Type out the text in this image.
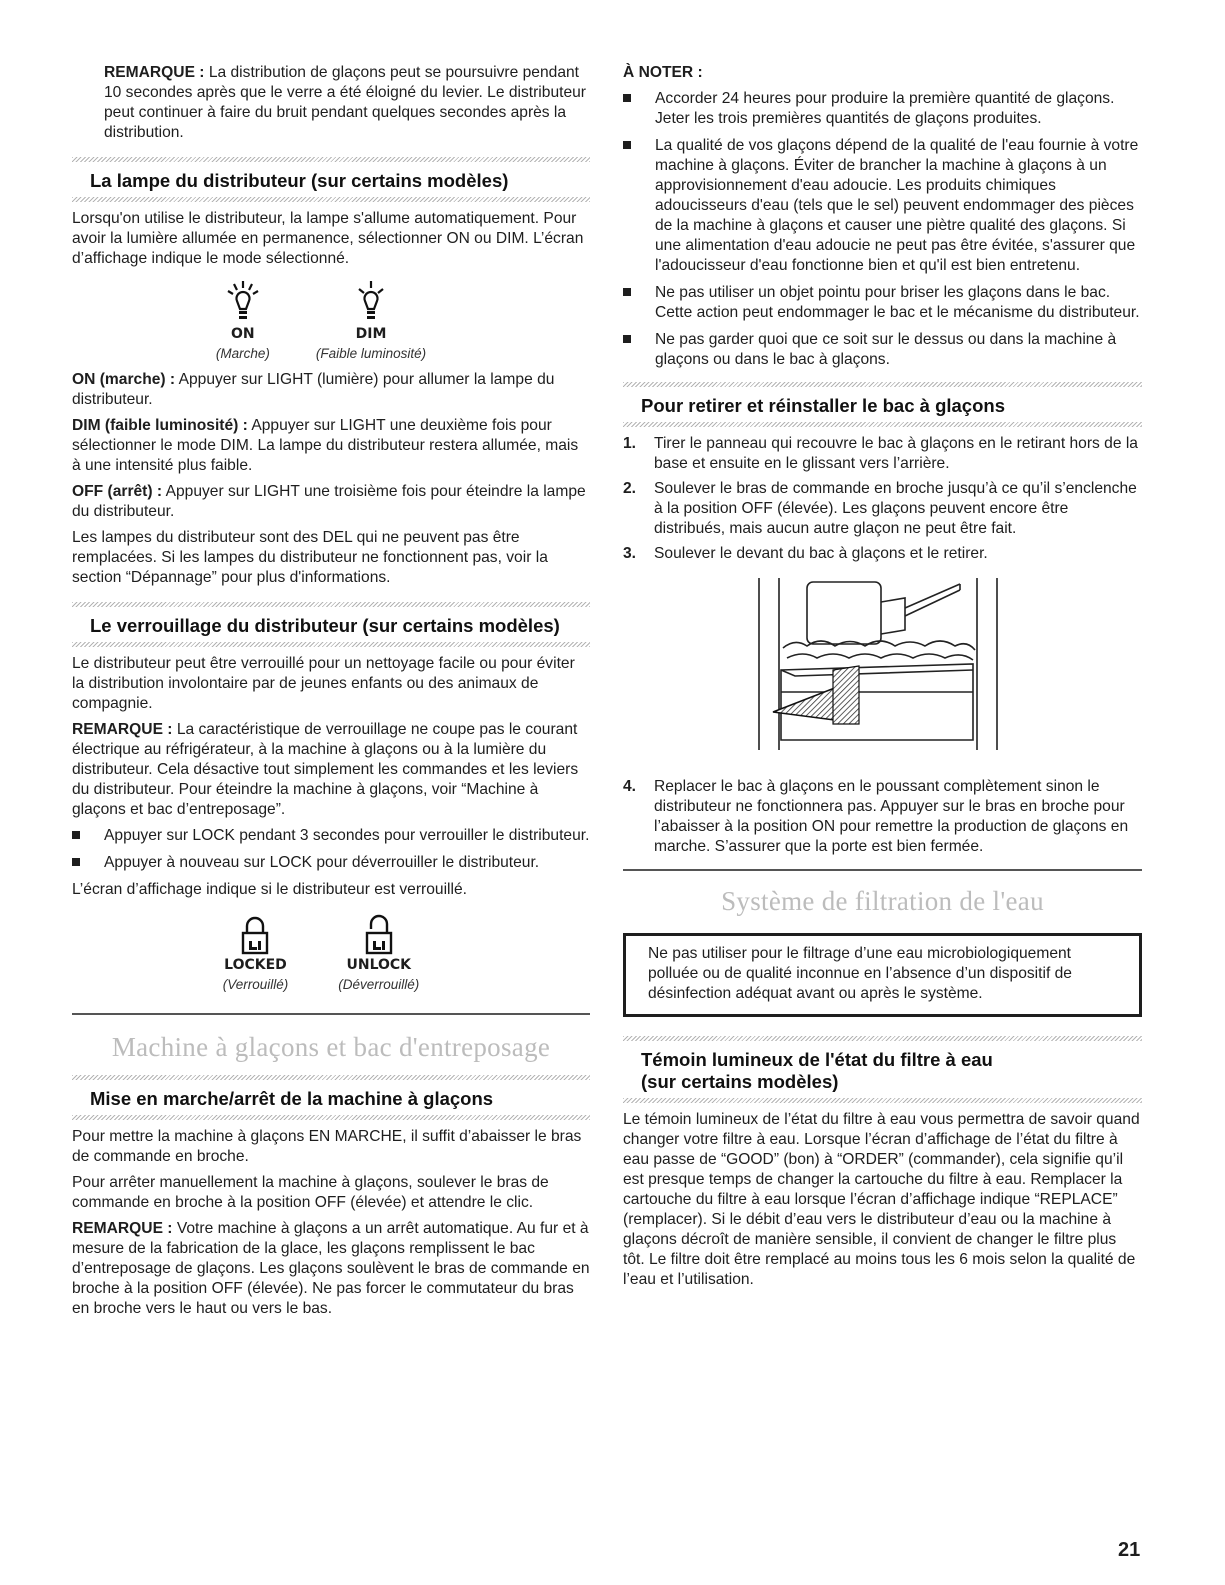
REMARQUE : La distribution de glaçons peut se poursuivre pendant 10 secondes après que le verre a été éloigné du levier. Le distributeur peut continuer à faire du bruit pendant quelques secondes après la distribution.

La lampe du distributeur (sur certains modèles)

Lorsqu'on utilise le distributeur, la lampe s'allume automatiquement. Pour avoir la lumière allumée en permanence, sélectionner ON ou DIM. L’écran d’affichage indique le mode sélectionné.

ON
(Marche)
DIM
(Faible luminosité)

ON (marche) : Appuyer sur LIGHT (lumière) pour allumer la lampe du distributeur.

DIM (faible luminosité) : Appuyer sur LIGHT une deuxième fois pour sélectionner le mode DIM. La lampe du distributeur restera allumée, mais à une intensité plus faible.

OFF (arrêt) : Appuyer sur LIGHT une troisième fois pour éteindre la lampe du distributeur.

Les lampes du distributeur sont des DEL qui ne peuvent pas être remplacées. Si les lampes du distributeur ne fonctionnent pas, voir la section “Dépannage” pour plus d'informations.

Le verrouillage du distributeur (sur certains modèles)

Le distributeur peut être verrouillé pour un nettoyage facile ou pour éviter la distribution involontaire par de jeunes enfants ou des animaux de compagnie.

REMARQUE : La caractéristique de verrouillage ne coupe pas le courant électrique au réfrigérateur, à la machine à glaçons ou à la lumière du distributeur. Cela désactive tout simplement les commandes et les leviers du distributeur. Pour éteindre la machine à glaçons, voir “Machine à glaçons et bac d’entreposage”.

Appuyer sur LOCK pendant 3 secondes pour verrouiller le distributeur.
Appuyer à nouveau sur LOCK pour déverrouiller le distributeur.

L’écran d’affichage indique si le distributeur est verrouillé.

LOCKED
(Verrouillé)
UNLOCK
(Déverrouillé)
Machine à glaçons et bac d'entreposage
Mise en marche/arrêt de la machine à glaçons

Pour mettre la machine à glaçons EN MARCHE, il suffit d’abaisser le bras de commande en broche.

Pour arrêter manuellement la machine à glaçons, soulever le bras de commande en broche à la position OFF (élevée) et attendre le clic.

REMARQUE : Votre machine à glaçons a un arrêt automatique. Au fur et à mesure de la fabrication de la glace, les glaçons remplissent le bac d’entreposage de glaçons. Les glaçons soulèvent le bras de commande en broche à la position OFF (élevée). Ne pas forcer le commutateur du bras en broche vers le haut ou vers le bas.

À NOTER :

Accorder 24 heures pour produire la première quantité de glaçons. Jeter les trois premières quantités de glaçons produites.
La qualité de vos glaçons dépend de la qualité de l'eau fournie à votre machine à glaçons. Éviter de brancher la machine à glaçons à un approvisionnement d'eau adoucie. Les produits chimiques adoucisseurs d'eau (tels que le sel) peuvent endommager des pièces de la machine à glaçons et causer une piètre qualité des glaçons. Si une alimentation d'eau adoucie ne peut pas être évitée, s'assurer que l'adoucisseur d'eau fonctionne bien et qu'il est bien entretenu.
Ne pas utiliser un objet pointu pour briser les glaçons dans le bac. Cette action peut endommager le bac et le mécanisme du distributeur.
Ne pas garder quoi que ce soit sur le dessus ou dans la machine à glaçons ou dans le bac à glaçons.
Pour retirer et réinstaller le bac à glaçons
1.	Tirer le panneau qui recouvre le bac à glaçons en le retirant hors de la base et ensuite en le glissant vers l’arrière.
2.	Soulever le bras de commande en broche jusqu’à ce qu’il s’enclenche à la position OFF (élevée). Les glaçons peuvent encore être distribués, mais aucun autre glaçon ne peut être fait.
3.	Soulever le devant du bac à glaçons et le retirer.
4.	Replacer le bac à glaçons en le poussant complètement sinon le distributeur ne fonctionnera pas. Appuyer sur le bras en broche pour l’abaisser à la position ON pour remettre la production de glaçons en marche. S’assurer que la porte est bien fermée.
Système de filtration de l'eau
Ne pas utiliser pour le filtrage d’une eau microbiologiquement polluée ou de qualité inconnue en l’absence d’un dispositif de désinfection adéquat avant ou après le système.
Témoin lumineux de l'état du filtre à eau
(sur certains modèles)

Le témoin lumineux de l’état du filtre à eau vous permettra de savoir quand changer votre filtre à eau. Lorsque l’écran d’affichage de l’état du filtre à eau passe de “GOOD” (bon) à “ORDER” (commander), cela signifie qu’il est presque temps de changer la cartouche du filtre à eau. Remplacer la cartouche du filtre à eau lorsque l’écran d’affichage indique “REPLACE” (remplacer). Si le débit d’eau vers le distributeur d’eau ou la machine à glaçons décroît de manière sensible, il convient de changer le filtre plus tôt. Le filtre doit être remplacé au moins tous les 6 mois selon la qualité de l’eau et l’utilisation.

21
